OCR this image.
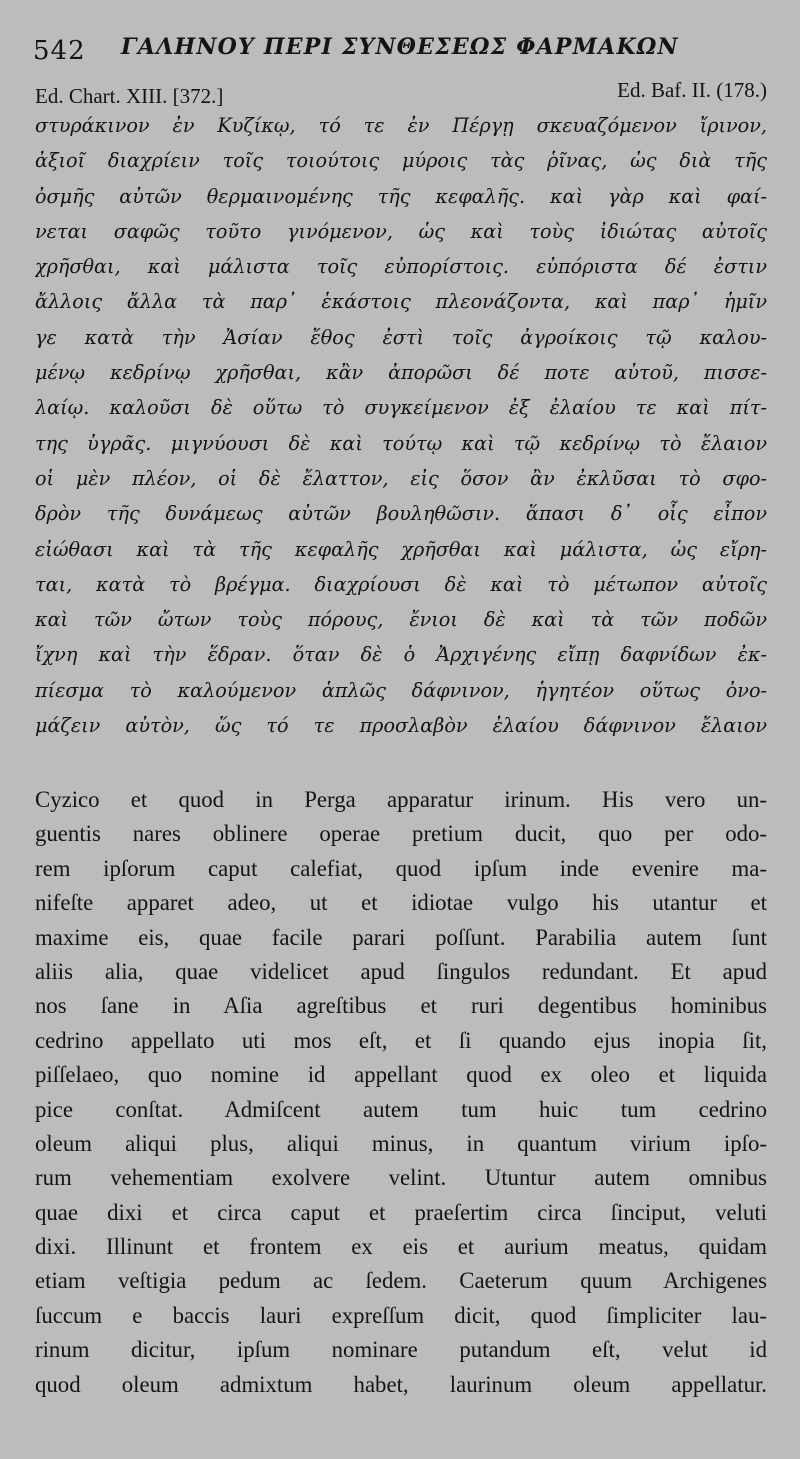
542 ΓΑΛΗΝΟΥ ΠΕΡΙ ΣΥΝΘΕΣΕΩΣ ΦΑΡΜΑΚΩΝ
Ed. Chart. XIII. [372.]	Ed. Baf. II. (178.)
στυράκινον ἐν Κυζίκῳ, τό τε ἐν Πέργῃ σκευαζόμενον ἴρινον,
ἀξιοῖ διαχρίειν τοῖς τοιούτοις μύροις τὰς ῥῖνας, ὡς διὰ τῆς
ὀσμῆς αὐτῶν θερμαινομένης τῆς κεφαλῆς. καὶ γὰρ καὶ φαί-
νεται σαφῶς τοῦτο γινόμενον, ὡς καὶ τοὺς ἰδιώτας αὐτοῖς
χρῆσθαι, καὶ μάλιστα τοῖς εὐπορίστοις. εὐπόριστα δέ ἐστιν
ἄλλοις ἄλλα τὰ παρ᾽ ἑκάστοις πλεονάζοντα, καὶ παρ᾽ ἡμῖν
γε κατὰ τὴν Ἀσίαν ἔθος ἐστὶ τοῖς ἀγροίκοις τῷ καλου-
μένῳ κεδρίνῳ χρῆσθαι, κἂν ἀπορῶσι δέ ποτε αὐτοῦ, πισσε-
λαίῳ. καλοῦσι δὲ οὕτω τὸ συγκείμενον ἐξ ἐλαίου τε καὶ πίτ-
της ὑγρᾶς. μιγνύουσι δὲ καὶ τούτῳ καὶ τῷ κεδρίνῳ τὸ ἔλαιον
οἱ μὲν πλέον, οἱ δὲ ἔλαττον, εἰς ὅσον ἂν ἐκλῦσαι τὸ σφο-
δρὸν τῆς δυνάμεως αὐτῶν βουληθῶσιν. ἅπασι δ᾽ οἷς εἶπον
εἰώθασι καὶ τὰ τῆς κεφαλῆς χρῆσθαι καὶ μάλιστα, ὡς εἴρη-
ται, κατὰ τὸ βρέγμα. διαχρίουσι δὲ καὶ τὸ μέτωπον αὐτοῖς
καὶ τῶν ὤτων τοὺς πόρους, ἔνιοι δὲ καὶ τὰ τῶν ποδῶν
ἴχνη καὶ τὴν ἕδραν. ὅταν δὲ ὁ Ἀρχιγένης εἴπῃ δαφνίδων ἐκ-
πίεσμα τὸ καλούμενον ἁπλῶς δάφνινον, ἡγητέον οὕτως ὀνο-
μάζειν αὐτὸν, ὥς τό τε προσλαβὸν ἐλαίου δάφνινον ἔλαιον
Cyzico et quod in Perga apparatur irinum. His vero un-
guentis nares oblinere operae pretium ducit, quo per odo-
rem ipſorum caput calefiat, quod ipſum inde evenire ma-
nifeſte apparet adeo, ut et idiotae vulgo his utantur et
maxime eis, quae facile parari poſſunt. Parabilia autem ſunt
aliis alia, quae videlicet apud ſingulos redundant. Et apud
nos ſane in Aſia agreſtibus et ruri degentibus hominibus
cedrino appellato uti mos eſt, et ſi quando ejus inopia ſit,
piſſelaeo, quo nomine id appellant quod ex oleo et liquida
pice conſtat. Admiſcent autem tum huic tum cedrino
oleum aliqui plus, aliqui minus, in quantum virium ipſo-
rum vehementiam exolvere velint. Utuntur autem omnibus
quae dixi et circa caput et praeſertim circa ſinciput, veluti
dixi. Illinunt et frontem ex eis et aurium meatus, quidam
etiam veſtigia pedum ac ſedem. Caeterum quum Archigenes
ſuccum e baccis lauri expreſſum dicit, quod ſimpliciter lau-
rinum dicitur, ipſum nominare putandum eſt, velut id
quod oleum admixtum habet, laurinum oleum appellatur.
